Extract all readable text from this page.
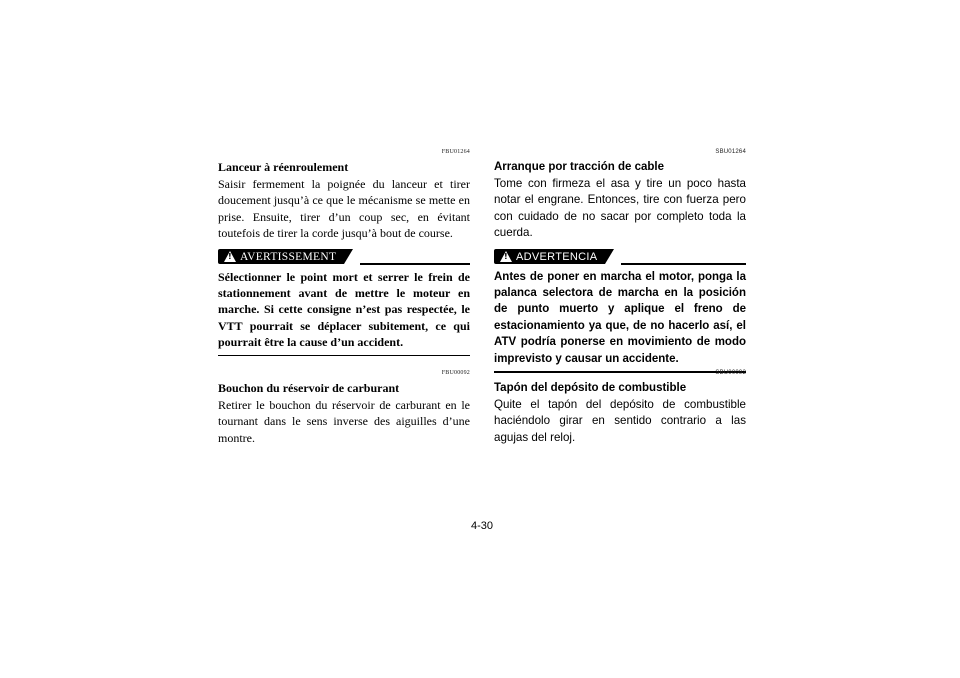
FBU01264
Lanceur à réenroulement
Saisir fermement la poignée du lanceur et tirer doucement jusqu’à ce que le mécanisme se mette en prise. Ensuite, tirer d’un coup sec, en évitant toutefois de tirer la corde jusqu’à bout de course.
! AVERTISSEMENT
Sélectionner le point mort et serrer le frein de stationnement avant de mettre le moteur en marche. Si cette consigne n’est pas respectée, le VTT pourrait se déplacer subitement, ce qui pourrait être la cause d’un accident.
FBU00092
Bouchon du réservoir de carburant
Retirer le bouchon du réservoir de carburant en le tournant dans le sens inverse des aiguilles d’une montre.
SBU01264
Arranque por tracción de cable
Tome con firmeza el asa y tire un poco hasta notar el engrane. Entonces, tire con fuerza pero con cuidado de no sacar por completo toda la cuerda.
! ADVERTENCIA
Antes de poner en marcha el motor, ponga la palanca selectora de marcha en la posición de punto muerto y aplique el freno de estacionamiento ya que, de no hacerlo así, el ATV podría ponerse en movimiento de modo imprevisto y causar un accidente.
SBU00092
Tapón del depósito de combustible
Quite el tapón del depósito de combustible haciéndolo girar en sentido contrario a las agujas del reloj.
4-30
